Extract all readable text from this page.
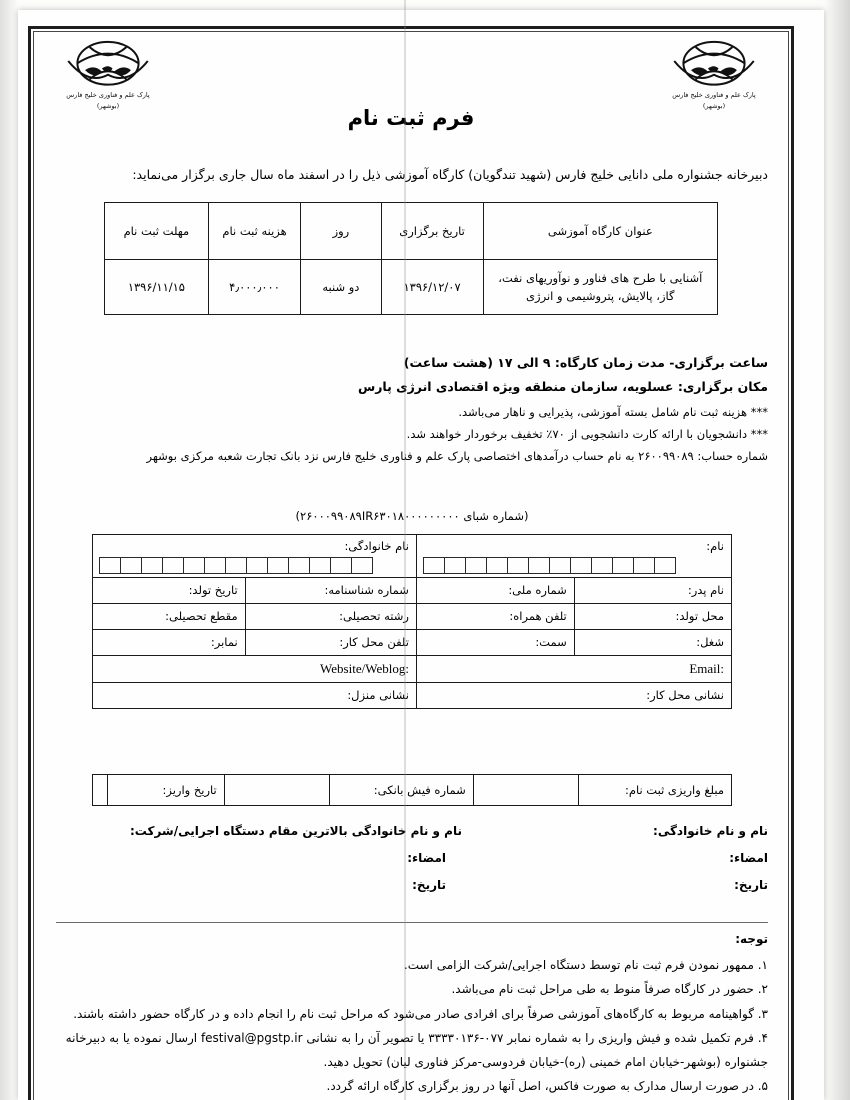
پارک علم و فناوری خلیج فارس
(بوشهر)
پارک علم و فناوری خلیج فارس
(بوشهر)
فرم ثبت نام
دبیرخانه جشنواره ملی دانایی خلیج فارس (شهید تندگویان) کارگاه آموزشی ذیل را در اسفند ماه سال جاری برگزار می‌نماید:
عنوان کارگاه آموزشی	تاریخ برگزاری	روز	هزینه ثبت نام	مهلت ثبت نام
آشنایی با طرح های فناور و نوآوریهای نفت، گاز، پالایش، پتروشیمی و انرژی	۱۳۹۶/۱۲/۰۷	دو شنبه	۴٫۰۰۰٫۰۰۰	۱۳۹۶/۱۱/۱۵
ساعت برگزاری- مدت زمان کارگاه: ۹ الی ۱۷ (هشت ساعت)
مکان برگزاری: عسلویه، سازمان منطقه ویژه اقتصادی انرژی پارس
*** هزینه ثبت نام شامل بسته آموزشی، پذیرایی و ناهار می‌باشد.
*** دانشجویان با ارائه کارت دانشجویی از ۷۰٪ تخفیف برخوردار خواهند شد.
شماره حساب: ۲۶۰۰۹۹۰۸۹ به نام حساب درآمدهای اختصاصی پارک علم و فناوری خلیج فارس نزد بانک تجارت شعبه مرکزی بوشهر
(شماره شبای ۲۶۰۰۰۹۹۰۸۹IR۶۳۰۱۸۰۰۰۰۰۰۰۰۰)
نام:		نام خانوادگی:	

نام پدر:	شماره ملی:	شماره شناسنامه:	تاریخ تولد:
محل تولد:	تلفن همراه:	رشته تحصیلی:	مقطع تحصیلی:
شغل:	سمت:	تلفن محل کار:	نمابر:
Email:		Website/Weblog:	
نشانی محل کار:		نشانی منزل:	
مبلغ واریزی ثبت نام:		شماره فیش بانکی:		تاریخ واریز:	
نام و نام خانوادگی:
نام و نام خانوادگی بالاترین مقام دستگاه اجرایی/شرکت:
امضاء:
امضاء:
تاریخ:
تاریخ:
توجه:
۱. ممهور نمودن فرم ثبت نام توسط دستگاه اجرایی/شرکت الزامی است.
۲. حضور در کارگاه صرفاً منوط به طی مراحل ثبت نام می‌باشد.
۳. گواهینامه مربوط به کارگاه‌های آموزشی صرفاً برای افرادی صادر می‌شود که مراحل ثبت نام را انجام داده و در کارگاه حضور داشته باشند.
۴. فرم تکمیل شده و فیش واریزی را به شماره نمابر ۰۷۷-۳۳۳۳۰۱۳۶ یا تصویر آن را به نشانی festival@pgstp.ir ارسال نموده یا به دبیرخانه جشنواره (بوشهر-خیابان امام خمینی (ره)-خیابان فردوسی-مرکز فناوری لیان) تحویل دهید.
۵. در صورت ارسال مدارک به صورت فاکس، اصل آنها در روز برگزاری کارگاه ارائه گردد.
